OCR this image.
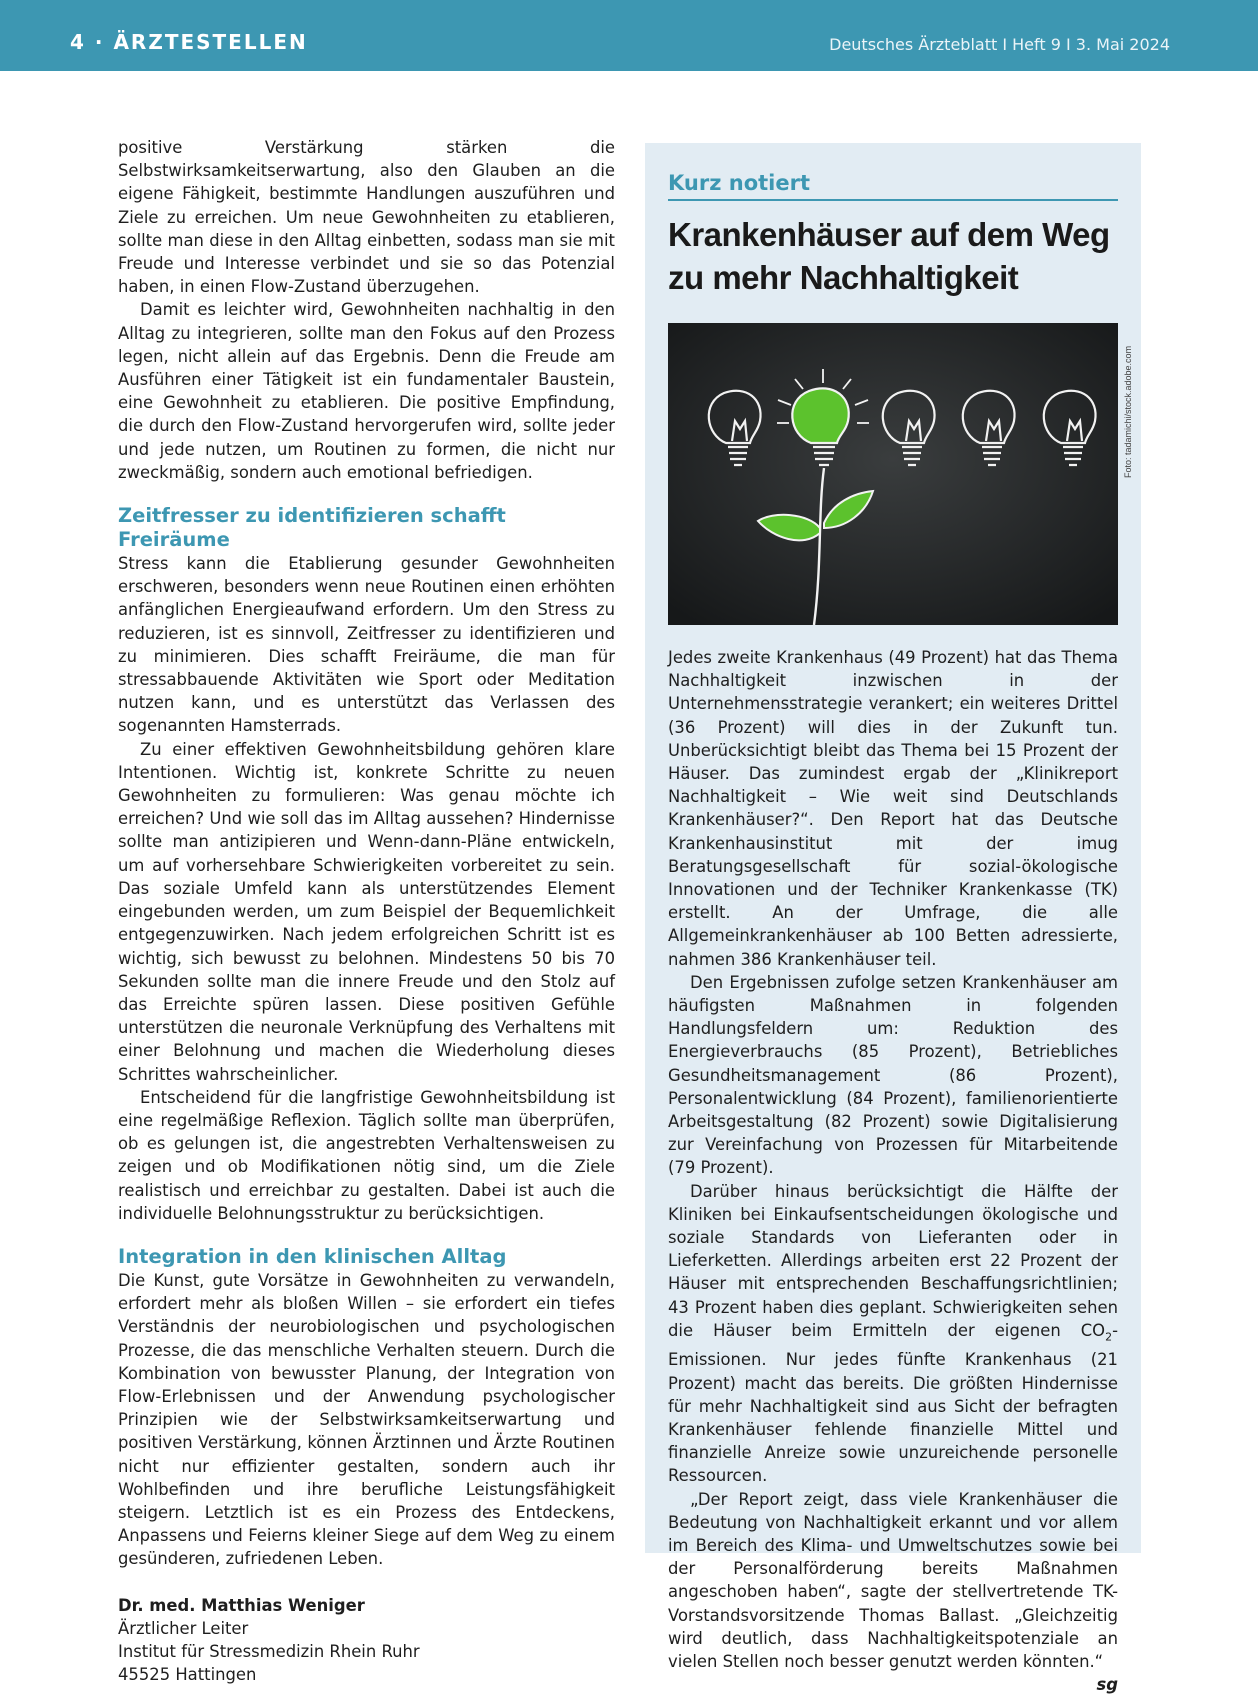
4 · ÄRZTESTELLEN	Deutsches Ärzteblatt I Heft 9 I 3. Mai 2024

positive Verstärkung stärken die Selbstwirksamkeitserwartung, also den Glauben an die eigene Fähigkeit, bestimmte Handlungen auszuführen und Ziele zu erreichen. Um neue Gewohnheiten zu etablieren, sollte man diese in den Alltag einbetten, sodass man sie mit Freude und Interesse verbindet und sie so das Potenzial haben, in einen Flow-Zustand überzugehen.

Damit es leichter wird, Gewohnheiten nachhaltig in den Alltag zu integrieren, sollte man den Fokus auf den Prozess legen, nicht allein auf das Ergebnis. Denn die Freude am Ausführen einer Tätigkeit ist ein fundamentaler Baustein, eine Gewohnheit zu etablieren. Die positive Empfindung, die durch den Flow-Zustand hervorgerufen wird, sollte jeder und jede nutzen, um Routinen zu formen, die nicht nur zweckmäßig, sondern auch emotional befriedigen.

Zeitfresser zu identifizieren schafft Freiräume

Stress kann die Etablierung gesunder Gewohnheiten erschweren, besonders wenn neue Routinen einen erhöhten anfänglichen Energieaufwand erfordern. Um den Stress zu reduzieren, ist es sinnvoll, Zeitfresser zu identifizieren und zu minimieren. Dies schafft Freiräume, die man für stressabbauende Aktivitäten wie Sport oder Meditation nutzen kann, und es unterstützt das Verlassen des sogenannten Hamsterrads.

Zu einer effektiven Gewohnheitsbildung gehören klare Intentionen. Wichtig ist, konkrete Schritte zu neuen Gewohnheiten zu formulieren: Was genau möchte ich erreichen? Und wie soll das im Alltag aussehen? Hindernisse sollte man antizipieren und Wenn-dann-Pläne entwickeln, um auf vorhersehbare Schwierigkeiten vorbereitet zu sein. Das soziale Umfeld kann als unterstützendes Element eingebunden werden, um zum Beispiel der Bequemlichkeit entgegenzuwirken. Nach jedem erfolgreichen Schritt ist es wichtig, sich bewusst zu belohnen. Mindestens 50 bis 70 Sekunden sollte man die innere Freude und den Stolz auf das Erreichte spüren lassen. Diese positiven Gefühle unterstützen die neuronale Verknüpfung des Verhaltens mit einer Belohnung und machen die Wiederholung dieses Schrittes wahrscheinlicher.

Entscheidend für die langfristige Gewohnheitsbildung ist eine regelmäßige Reflexion. Täglich sollte man überprüfen, ob es gelungen ist, die angestrebten Verhaltensweisen zu zeigen und ob Modifikationen nötig sind, um die Ziele realistisch und erreichbar zu gestalten. Dabei ist auch die individuelle Belohnungsstruktur zu berücksichtigen.

Integration in den klinischen Alltag

Die Kunst, gute Vorsätze in Gewohnheiten zu verwandeln, erfordert mehr als bloßen Willen – sie erfordert ein tiefes Verständnis der neurobiologischen und psychologischen Prozesse, die das menschliche Verhalten steuern. Durch die Kombination von bewusster Planung, der Integration von Flow-Erlebnissen und der Anwendung psychologischer Prinzipien wie der Selbstwirksamkeitserwartung und positiven Verstärkung, können Ärztinnen und Ärzte Routinen nicht nur effizienter gestalten, sondern auch ihr Wohlbefinden und ihre berufliche Leistungsfähigkeit steigern. Letztlich ist es ein Prozess des Entdeckens, Anpassens und Feierns kleiner Siege auf dem Weg zu einem gesünderen, zufriedenen Leben.

Dr. med. Matthias Weniger
Ärztlicher Leiter
Institut für Stressmedizin Rhein Ruhr
45525 Hattingen
Kurz notiert
Krankenhäuser auf dem Weg
zu mehr Nachhaltigkeit
Foto: tadamichi/stock.adobe.com

Jedes zweite Krankenhaus (49 Prozent) hat das Thema Nachhaltigkeit inzwischen in der Unternehmensstrategie verankert; ein weiteres Drittel (36 Prozent) will dies in der Zukunft tun. Unberücksichtigt bleibt das Thema bei 15 Prozent der Häuser. Das zumindest ergab der „Klinikreport Nachhaltigkeit – Wie weit sind Deutschlands Krankenhäuser?“. Den Report hat das Deutsche Krankenhausinstitut mit der imug Beratungsgesellschaft für sozial-ökologische Innovationen und der Techniker Krankenkasse (TK) erstellt. An der Umfrage, die alle Allgemeinkrankenhäuser ab 100 Betten adressierte, nahmen 386 Krankenhäuser teil.

Den Ergebnissen zufolge setzen Krankenhäuser am häufigsten Maßnahmen in folgenden Handlungsfeldern um: Reduktion des Energieverbrauchs (85 Prozent), Betriebliches Gesundheitsmanagement (86 Prozent), Personalentwicklung (84 Prozent), familienorientierte Arbeitsgestaltung (82 Prozent) sowie Digitalisierung zur Vereinfachung von Prozessen für Mitarbeitende (79 Prozent).

Darüber hinaus berücksichtigt die Hälfte der Kliniken bei Einkaufsentscheidungen ökologische und soziale Standards von Lieferanten oder in Lieferketten. Allerdings arbeiten erst 22 Prozent der Häuser mit entsprechenden Beschaffungsrichtlinien; 43 Prozent haben dies geplant. Schwierigkeiten sehen die Häuser beim Ermitteln der eigenen $CO_2$-Emissionen. Nur jedes fünfte Krankenhaus (21 Prozent) macht das bereits. Die größten Hindernisse für mehr Nachhaltigkeit sind aus Sicht der befragten Krankenhäuser fehlende finanzielle Mittel und finanzielle Anreize sowie unzureichende personelle Ressourcen.

„Der Report zeigt, dass viele Krankenhäuser die Bedeutung von Nachhaltigkeit erkannt und vor allem im Bereich des Klima- und Umweltschutzes sowie bei der Personalförderung bereits Maßnahmen angeschoben haben“, sagte der stellvertretende TK-Vorstandsvorsitzende Thomas Ballast. „Gleichzeitig wird deutlich, dass Nachhaltigkeitspotenziale an vielen Stellen noch besser genutzt werden könnten.“
sg
